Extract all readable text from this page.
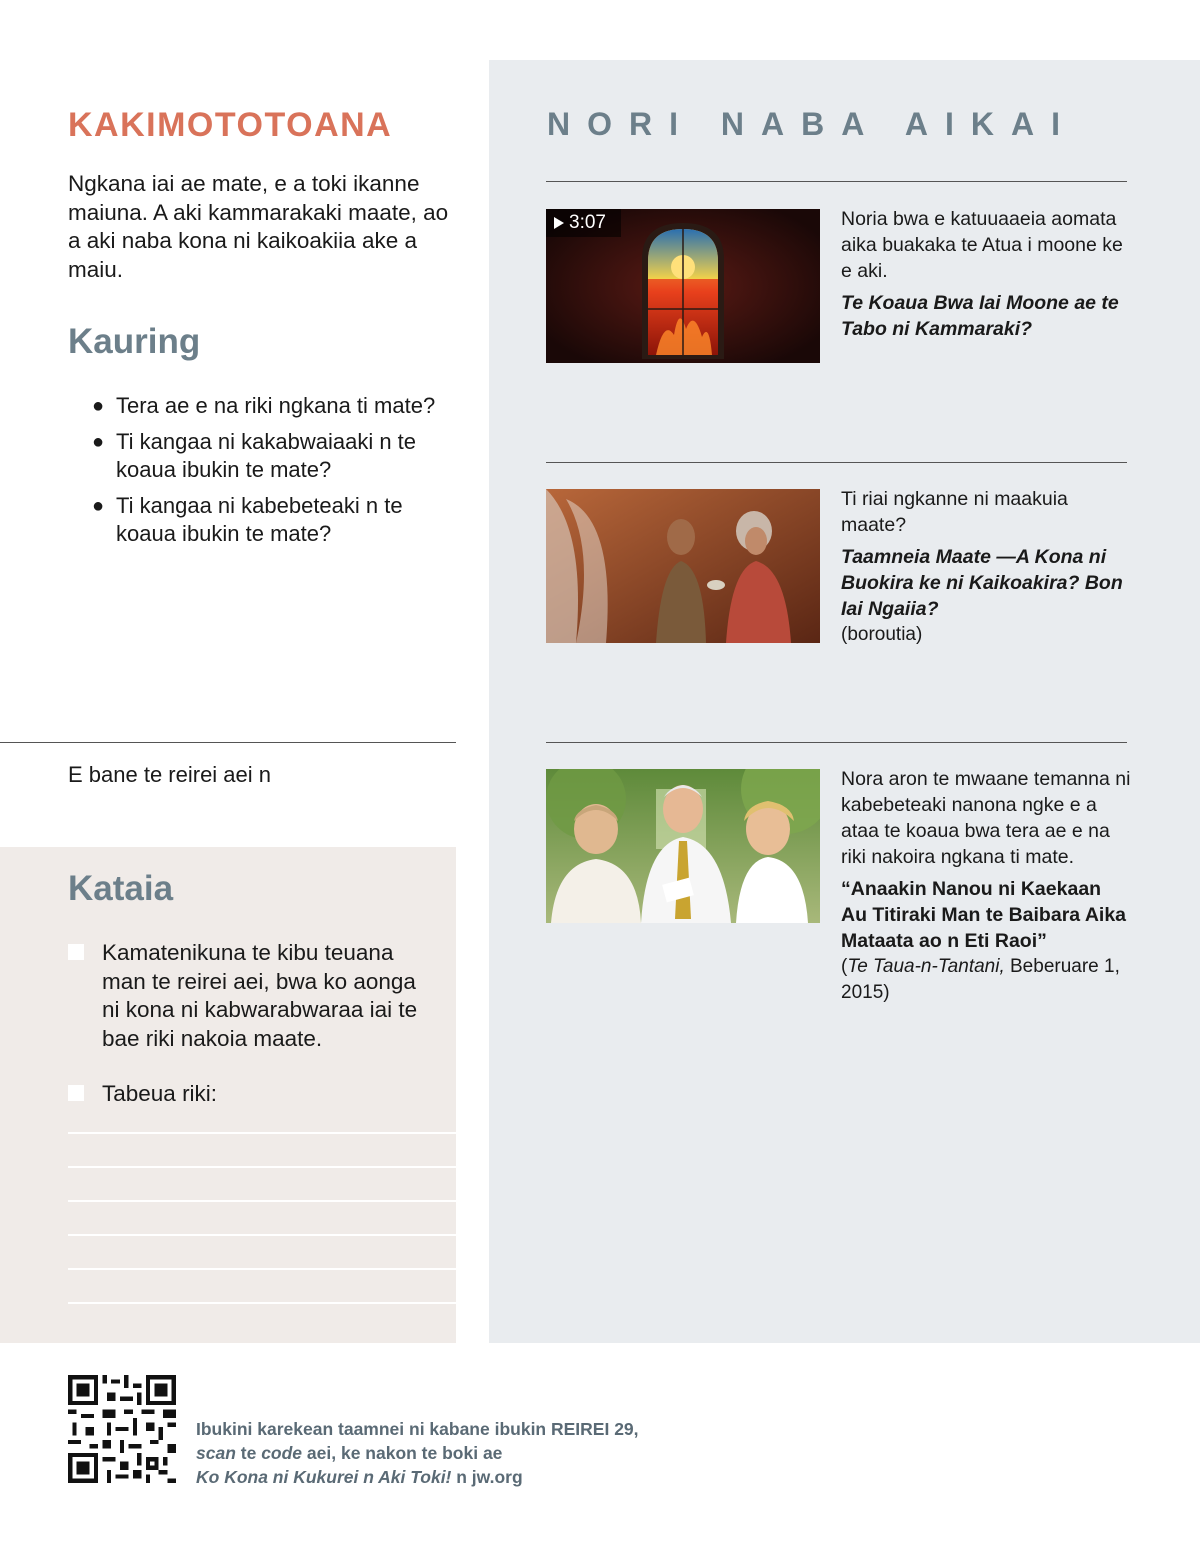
KAKIMOTOTOANA

Ngkana iai ae mate, e a toki ikanne maiuna. A aki kammarakaki maate, ao a aki naba kona ni kaikoakiia ake a maiu.

Kauring
● Tera ae e na riki ngkana ti mate?
● Ti kangaa ni kakabwaiaaki n te koaua ibukin te mate?
● Ti kangaa ni kabebeteaki n te koaua ibukin te mate?
E bane te reirei aei n
Kataia
Kamatenikuna te kibu teuana man te reirei aei, bwa ko aonga ni kona ni kabwarabwaraa iai te bae riki nakoia maate.
Tabeua riki:
NORI NABA AIKAI
3:07	Noria bwa e katuuaaeia aomata aika buakaka te Atua i moone ke e aki.

Te Koaua Bwa Iai Moone ae te Tabo ni Kammaraki?

Ti riai ngkanne ni maakuia maate?

Taamneia Maate —A Kona ni Buokira ke ni Kaikoakira? Bon Iai Ngaiia?

(boroutia)

Nora aron te mwaane temanna ni kabebeteaki nanona ngke e a ataa te koaua bwa tera ae e na riki nakoira ngkana ti mate.

“Anaakin Nanou ni Kaekaan Au Titiraki Man te Baibara Aika Mataata ao n Eti Raoi”

(Te Taua-n-Tantani, Beberuare 1, 2015)

Ibukini karekean taamnei ni kabane ibukin REIREI 29,
scan te code aei, ke nakon te boki ae
Ko Kona ni Kukurei n Aki Toki! n jw.org
